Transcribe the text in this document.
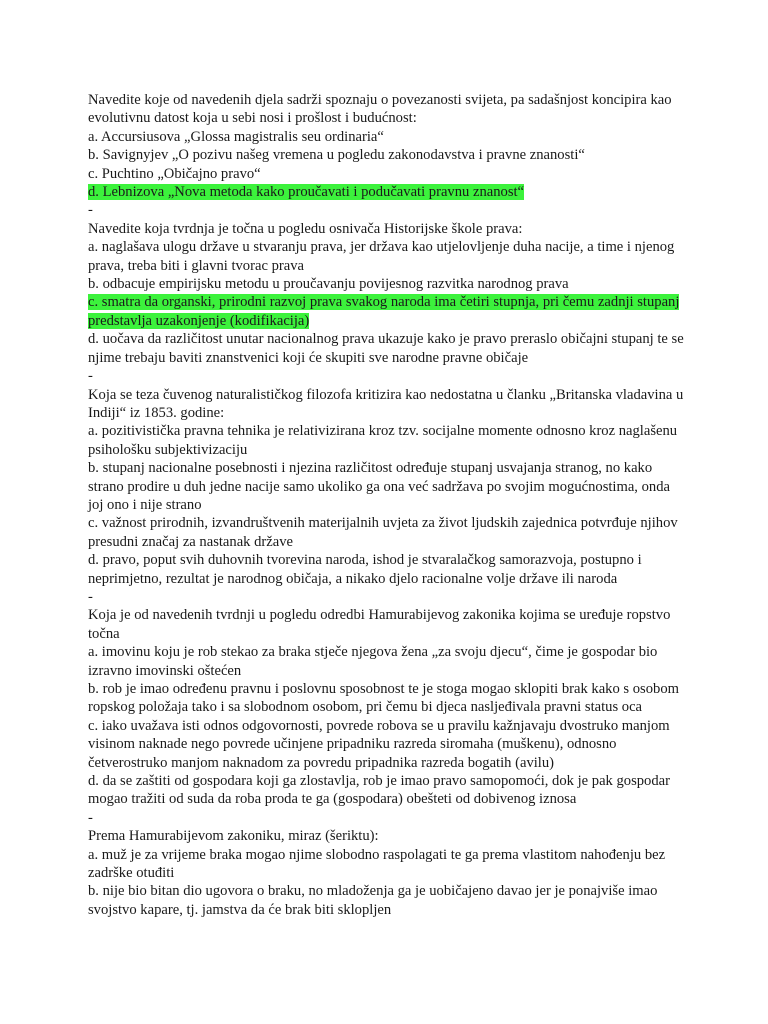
Navedite koje od navedenih djela sadrži spoznaju o povezanosti svijeta, pa sadašnjost koncipira kao evolutivnu datost koja u sebi nosi i prošlost i budućnost:
a. Accursiusova „Glossa magistralis seu ordinaria“
b. Savignyjev „O pozivu našeg vremena u pogledu zakonodavstva i pravne znanosti“
c. Puchtino „Običajno pravo“
d. Lebnizova „Nova metoda kako proučavati i podučavati pravnu znanost“
-
Navedite koja tvrdnja je točna u pogledu osnivača Historijske škole prava:
a. naglašava ulogu države u stvaranju prava, jer država kao utjelovljenje duha nacije, a time i njenog prava, treba biti i glavni tvorac prava
b. odbacuje empirijsku metodu u proučavanju povijesnog razvitka narodnog prava
c. smatra da organski, prirodni razvoj prava svakog naroda ima četiri stupnja, pri čemu zadnji stupanj predstavlja uzakonjenje (kodifikacija)
d. uočava da različitost unutar nacionalnog prava ukazuje kako je pravo preraslo običajni stupanj te se njime trebaju baviti znanstvenici koji će skupiti sve narodne pravne običaje
-
Koja se teza čuvenog naturalističkog filozofa kritizira kao nedostatna u članku „Britanska vladavina u Indiji“ iz 1853. godine:
a. pozitivistička pravna tehnika je relativizirana kroz tzv. socijalne momente odnosno kroz naglašenu psihološku subjektivizaciju
b. stupanj nacionalne posebnosti i njezina različitost određuje stupanj usvajanja stranog, no kako strano prodire u duh jedne nacije samo ukoliko ga ona već sadržava po svojim mogućnostima, onda joj ono i nije strano
c. važnost prirodnih, izvandruštvenih materijalnih uvjeta za život ljudskih zajednica potvrđuje njihov presudni značaj za nastanak države
d. pravo, poput svih duhovnih tvorevina naroda, ishod je stvaralačkog samorazvoja, postupno i neprimjetno, rezultat je narodnog običaja, a nikako djelo racionalne volje države ili naroda
-
Koja je od navedenih tvrdnji u pogledu odredbi Hamurabijevog zakonika kojima se uređuje ropstvo točna
a. imovinu koju je rob stekao za braka stječe njegova žena „za svoju djecu“, čime je gospodar bio izravno imovinski oštećen
b. rob je imao određenu pravnu i poslovnu sposobnost te je stoga mogao sklopiti brak kako s osobom ropskog položaja tako i sa slobodnom osobom, pri čemu bi djeca nasljeđivala pravni status oca
c. iako uvažava isti odnos odgovornosti, povrede robova se u pravilu kažnjavaju dvostruko manjom visinom naknade nego povrede učinjene pripadniku razreda siromaha (muškenu), odnosno četverostruko manjom naknadom za povredu pripadnika razreda bogatih (avilu)
d. da se zaštiti od gospodara koji ga zlostavlja, rob je imao pravo samopomoći, dok je pak gospodar mogao tražiti od suda da roba proda te ga (gospodara) obešteti od dobivenog iznosa
-
Prema Hamurabijevom zakoniku, miraz (šeriktu):
a. muž je za vrijeme braka mogao njime slobodno raspolagati te ga prema vlastitom nahođenju bez zadrške otuđiti
b. nije bio bitan dio ugovora o braku, no mladoženja ga je uobičajeno davao jer je ponajviše imao svojstvo kapare, tj. jamstva da će brak biti sklopljen
